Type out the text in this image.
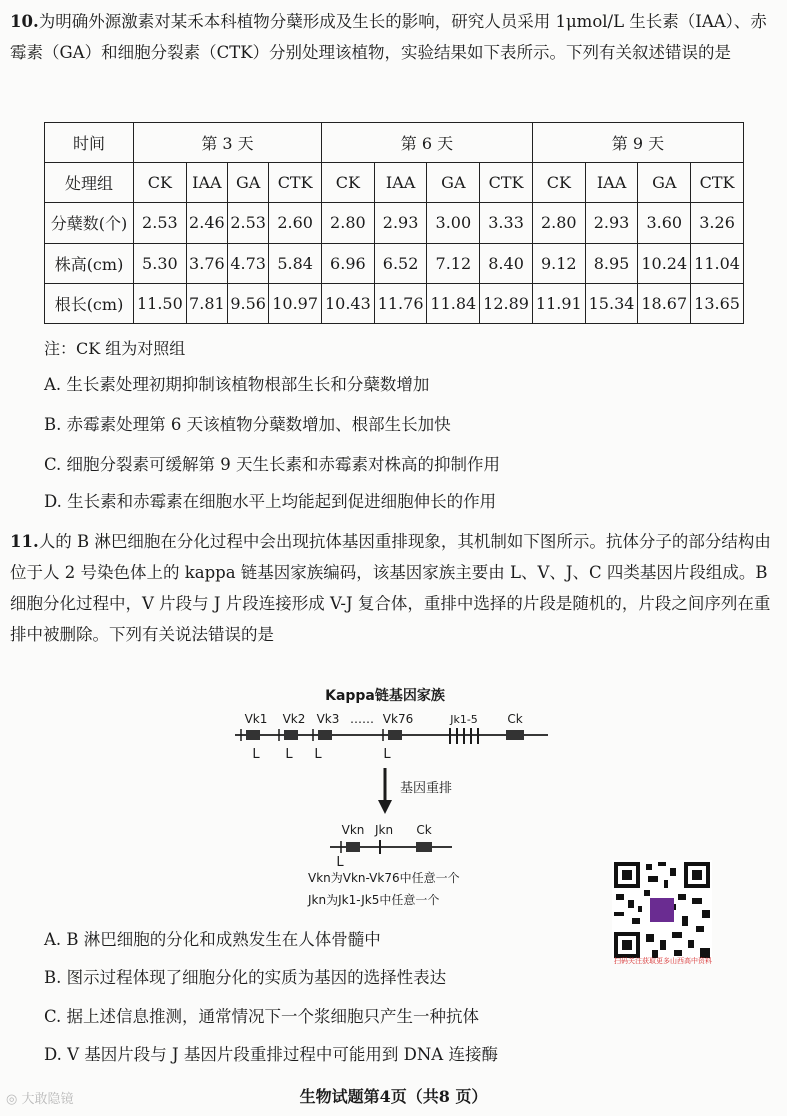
10.为明确外源激素对某禾本科植物分蘖形成及生长的影响，研究人员采用 1μmol/L 生长素（IAA）、赤霉素（GA）和细胞分裂素（CTK）分别处理该植物，实验结果如下表所示。下列有关叙述错误的是
时间	第 3 天				第 6 天				第 9 天			
处理组	CK	IAA	GA	CTK	CK	IAA	GA	CTK	CK	IAA	GA	CTK
分蘖数(个)	2.53	2.46	2.53	2.60	2.80	2.93	3.00	3.33	2.80	2.93	3.60	3.26
株高(cm)	5.30	3.76	4.73	5.84	6.96	6.52	7.12	8.40	9.12	8.95	10.24	11.04
根长(cm)	11.50	7.81	9.56	10.97	10.43	11.76	11.84	12.89	11.91	15.34	18.67	13.65
注：CK 组为对照组
A. 生长素处理初期抑制该植物根部生长和分蘖数增加
B. 赤霉素处理第 6 天该植物分蘖数增加、根部生长加快
C. 细胞分裂素可缓解第 9 天生长素和赤霉素对株高的抑制作用
D. 生长素和赤霉素在细胞水平上均能起到促进细胞伸长的作用
11.人的 B 淋巴细胞在分化过程中会出现抗体基因重排现象，其机制如下图所示。抗体分子的部分结构由位于人 2 号染色体上的 kappa 链基因家族编码，该基因家族主要由 L、V、J、C 四类基因片段组成。B 细胞分化过程中，V 片段与 J 片段连接形成 V-J 复合体，重排中选择的片段是随机的，片段之间序列在重排中被删除。下列有关说法错误的是
Kappa链基因家族
Vk1 Vk2 Vk3 …… Vk76	Jk1-5 Ck
L L L	L
基因重排
Vkn Jkn Ck
L
Vkn为Vkn-Vk76中任意一个
Jkn为Jk1-Jk5中任意一个
扫码关注获取更多山西高中资料
A. B 淋巴细胞的分化和成熟发生在人体骨髓中
B. 图示过程体现了细胞分化的实质为基因的选择性表达
C. 据上述信息推测，通常情况下一个浆细胞只产生一种抗体
D. V 基因片段与 J 基因片段重排过程中可能用到 DNA 连接酶
◎ 大敢隐镜	生物试题第4页（共8 页）
